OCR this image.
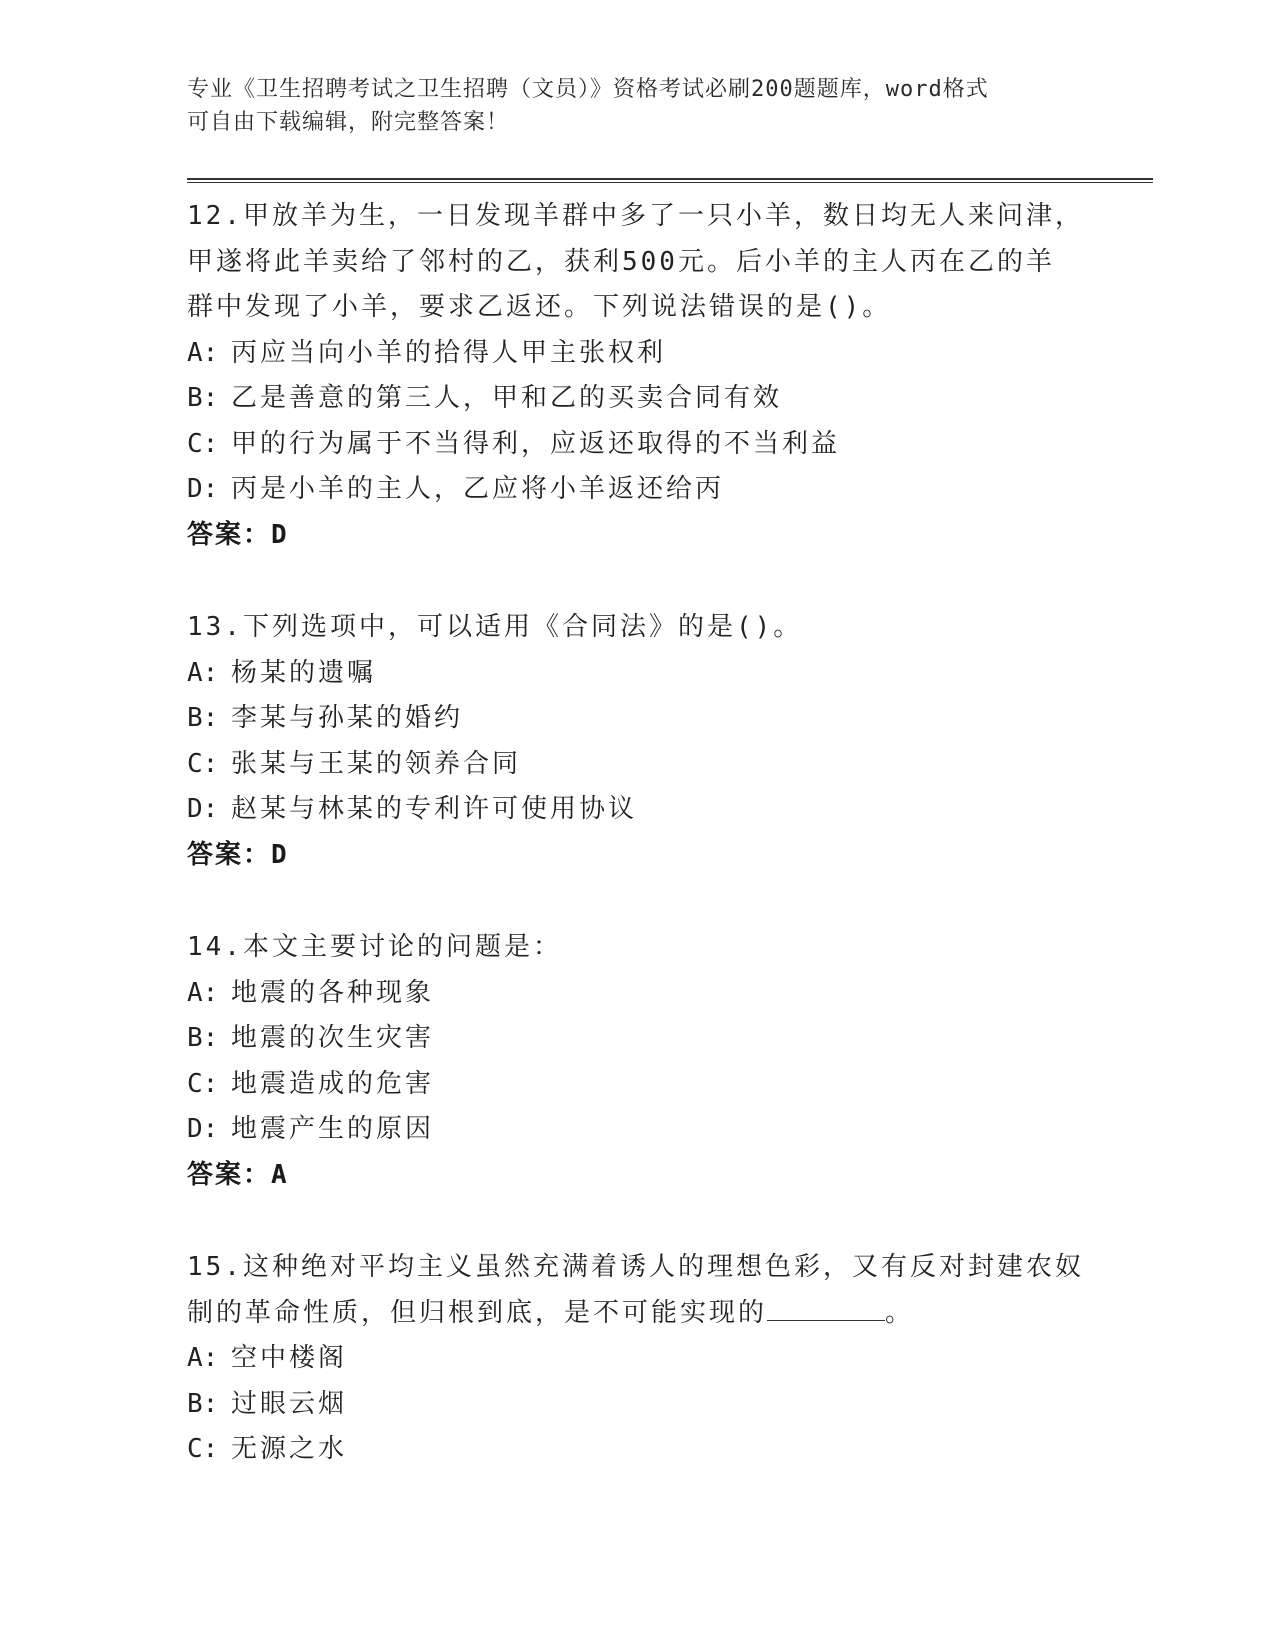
专业《卫生招聘考试之卫生招聘（文员）》资格考试必刷200题题库，word格式
可自由下载编辑，附完整答案！
12.甲放羊为生，一日发现羊群中多了一只小羊，数日均无人来问津，
甲遂将此羊卖给了邻村的乙，获利500元。后小羊的主人丙在乙的羊
群中发现了小羊，要求乙返还。下列说法错误的是()。
A: 丙应当向小羊的拾得人甲主张权利
B: 乙是善意的第三人，甲和乙的买卖合同有效
C: 甲的行为属于不当得利，应返还取得的不当利益
D: 丙是小羊的主人，乙应将小羊返还给丙
答案：D
13.下列选项中，可以适用《合同法》的是()。
A: 杨某的遗嘱
B: 李某与孙某的婚约
C: 张某与王某的领养合同
D: 赵某与林某的专利许可使用协议
答案：D
14.本文主要讨论的问题是：
A: 地震的各种现象
B: 地震的次生灾害
C: 地震造成的危害
D: 地震产生的原因
答案：A
15.这种绝对平均主义虽然充满着诱人的理想色彩，又有反对封建农奴
制的革命性质，但归根到底，是不可能实现的	。
A: 空中楼阁
B: 过眼云烟
C: 无源之水
